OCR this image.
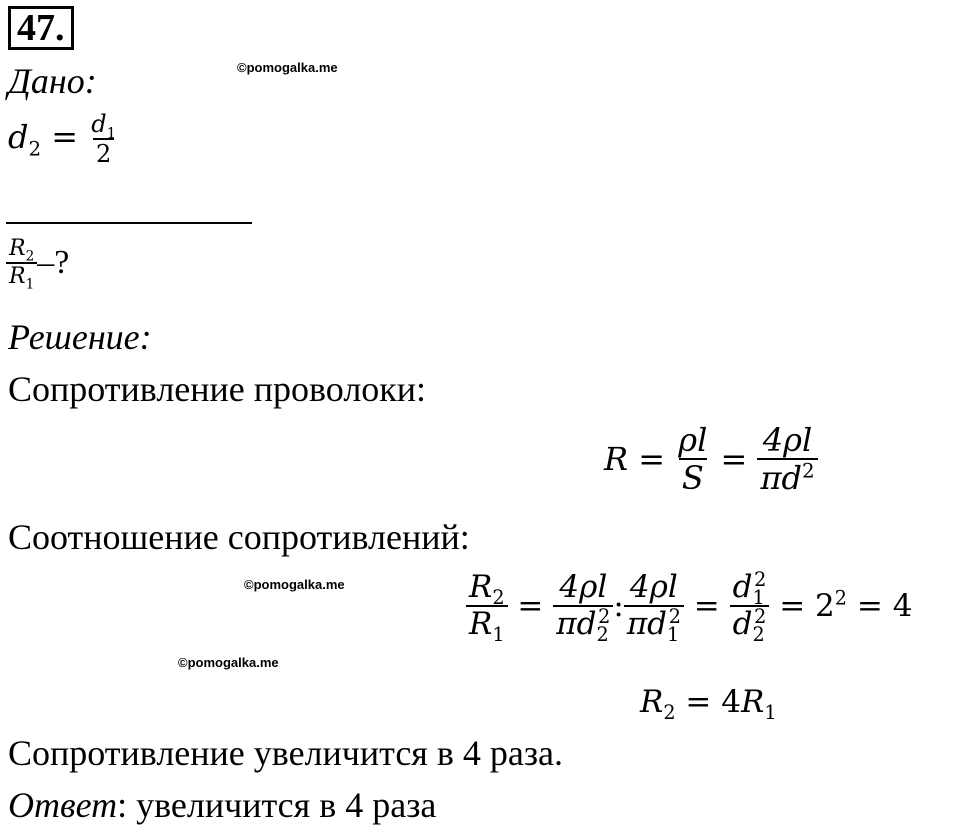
47.
©pomogalka.me
©pomogalka.me
©pomogalka.me
Дано:
$d_2 = \frac{d_1}{2}$
$\frac{R_2}{R_1}$ –?
Решение:
Сопротивление проволоки:
$R = \frac{\rho l}{S} = \frac{4\rho l}{\pi d^2}$
Соотношение сопротивлений:
$\frac{R_2}{R_1} = \frac{4\rho l}{\pi d_2^2}$ : $\frac{4\rho l}{\pi d_1^2} = \frac{d_1^2}{d_2^2} = 2^2 = 4$
$R_2 = 4R_1$
Сопротивление увеличится в 4 раза.
Ответ: увеличится в 4 раза
